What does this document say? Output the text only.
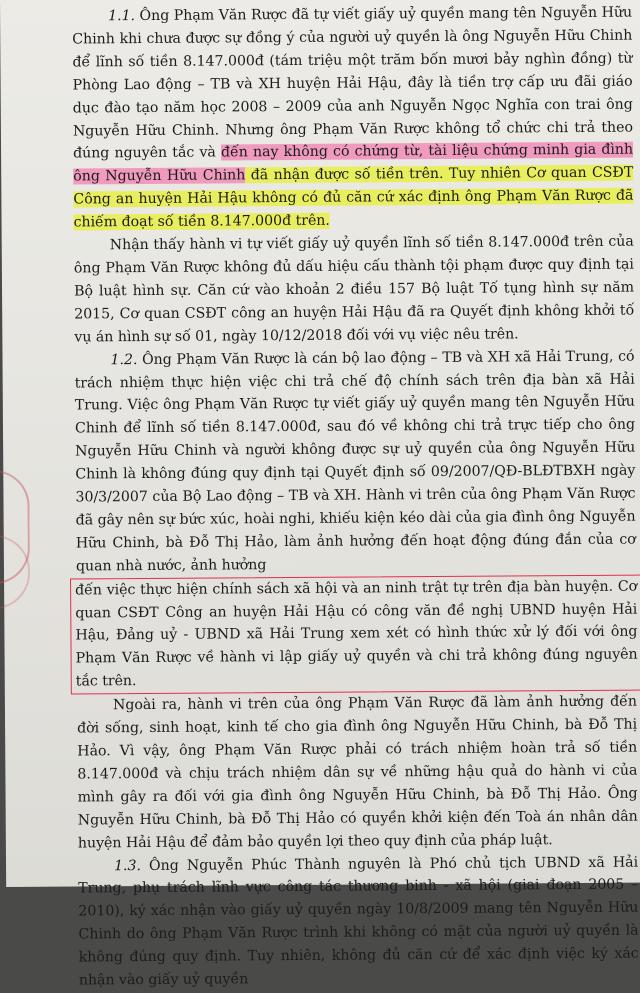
1.1. Ông Phạm Văn Rược đã tự viết giấy uỷ quyền mang tên Nguyễn Hữu Chinh khi chưa được sự đồng ý của người uỷ quyền là ông Nguyễn Hữu Chinh để lĩnh số tiền 8.147.000đ (tám triệu một trăm bốn mươi bảy nghìn đồng) từ Phòng Lao động – TB và XH huyện Hải Hậu, đây là tiền trợ cấp ưu đãi giáo dục đào tạo năm học 2008 – 2009 của anh Nguyễn Ngọc Nghĩa con trai ông Nguyễn Hữu Chinh. Nhưng ông Phạm Văn Rược không tổ chức chi trả theo đúng nguyên tắc và đến nay không có chứng từ, tài liệu chứng minh gia đình ông Nguyễn Hữu Chinh đã nhận được số tiền trên. Tuy nhiên Cơ quan CSĐT Công an huyện Hải Hậu không có đủ căn cứ xác định ông Phạm Văn Rược đã chiếm đoạt số tiền 8.147.000đ trên.

Nhận thấy hành vi tự viết giấy uỷ quyền lĩnh số tiền 8.147.000đ trên của ông Phạm Văn Rược không đủ dấu hiệu cấu thành tội phạm được quy định tại Bộ luật hình sự. Căn cứ vào khoản 2 điều 157 Bộ luật Tố tụng hình sự năm 2015, Cơ quan CSĐT công an huyện Hải Hậu đã ra Quyết định không khởi tố vụ án hình sự số 01, ngày 10/12/2018 đối với vụ việc nêu trên.

1.2. Ông Phạm Văn Rược là cán bộ lao động – TB và XH xã Hải Trung, có trách nhiệm thực hiện việc chi trả chế độ chính sách trên địa bàn xã Hải Trung. Việc ông Phạm Văn Rược tự viết giấy uỷ quyền mang tên Nguyễn Hữu Chinh để lĩnh số tiền 8.147.000đ, sau đó về không chi trả trực tiếp cho ông Nguyễn Hữu Chinh và người không được sự uỷ quyền của ông Nguyễn Hữu Chinh là không đúng quy định tại Quyết định số 09/2007/QĐ-BLĐTBXH ngày 30/3/2007 của Bộ Lao động – TB và XH. Hành vi trên của ông Phạm Văn Rược đã gây nên sự bức xúc, hoài nghi, khiếu kiện kéo dài của gia đình ông Nguyễn Hữu Chinh, bà Đỗ Thị Hảo, làm ảnh hưởng đến hoạt động đúng đắn của cơ quan nhà nước, ảnh hưởng
đến việc thực hiện chính sách xã hội và an ninh trật tự trên địa bàn huyện. Cơ quan CSĐT Công an huyện Hải Hậu có công văn đề nghị UBND huyện Hải Hậu, Đảng uỷ - UBND xã Hải Trung xem xét có hình thức xử lý đối với ông Phạm Văn Rược về hành vi lập giấy uỷ quyền và chi trả không đúng nguyên tắc trên.

Ngoài ra, hành vi trên của ông Phạm Văn Rược đã làm ảnh hưởng đến đời sống, sinh hoạt, kinh tế cho gia đình ông Nguyễn Hữu Chinh, bà Đỗ Thị Hảo. Vì vậy, ông Phạm Văn Rược phải có trách nhiệm hoàn trả số tiền 8.147.000đ và chịu trách nhiệm dân sự về những hậu quả do hành vi của mình gây ra đối với gia đình ông Nguyễn Hữu Chinh, bà Đỗ Thị Hảo. Ông Nguyễn Hữu Chinh, bà Đỗ Thị Hảo có quyền khởi kiện đến Toà án nhân dân huyện Hải Hậu để đảm bảo quyền lợi theo quy định của pháp luật.

1.3. Ông Nguyễn Phúc Thành nguyên là Phó chủ tịch UBND xã Hải Trung, phụ trách lĩnh vực công tác thương binh - xã hội (giai đoạn 2005 – 2010), ký xác nhận vào giấy uỷ quyền ngày 10/8/2009 mang tên Nguyễn Hữu Chinh do ông Phạm Văn Rược trình khi không có mặt của người uỷ quyền là không đúng quy định. Tuy nhiên, không đủ căn cứ để xác định việc ký xác nhận vào giấy uỷ quyền
